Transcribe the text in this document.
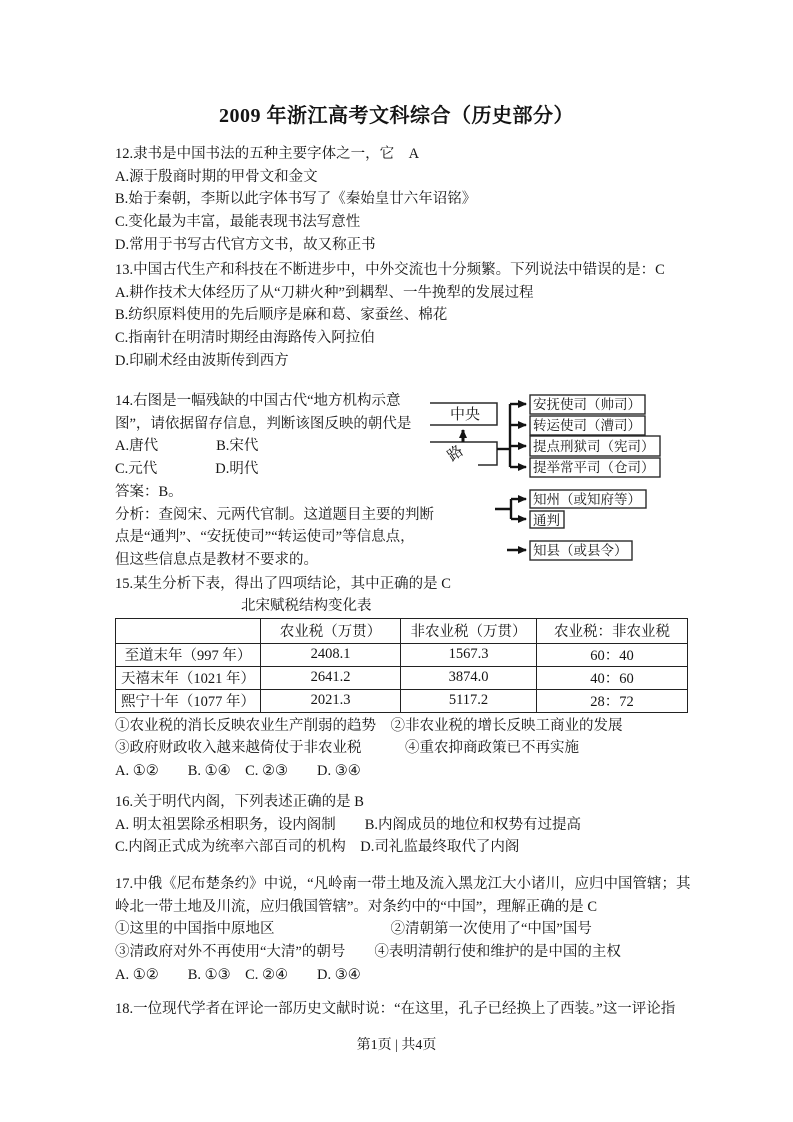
2009 年浙江高考文科综合（历史部分）
12.隶书是中国书法的五种主要字体之一，它　A
A.源于殷商时期的甲骨文和金文
B.始于秦朝，李斯以此字体书写了《秦始皇廿六年诏铭》
C.变化最为丰富，最能表现书法写意性
D.常用于书写古代官方文书，故又称正书
13.中国古代生产和科技在不断进步中，中外交流也十分频繁。下列说法中错误的是：C
A.耕作技术大体经历了从“刀耕火种”到耦犁、一牛挽犁的发展过程
B.纺织原料使用的先后顺序是麻和葛、家蚕丝、棉花
C.指南针在明清时期经由海路传入阿拉伯
D.印刷术经由波斯传到西方
14.右图是一幅残缺的中国古代“地方机构示意
图”，请依据留存信息，判断该图反映的朝代是
A.唐代　　　　B.宋代
C.元代　　　　D.明代
答案：B。
分析：查阅宋、元两代官制。这道题目主要的判断
点是“通判”、“安抚使司”“转运使司”等信息点，
但这些信息点是教材不要求的。
中央
路
安抚使司（帅司）
转运使司（漕司）
提点刑狱司（宪司）
提举常平司（仓司）
知州（或知府等）
通判
知县（或县令）
15.某生分析下表，得出了四项结论，其中正确的是 C
北宋赋税结构变化表
	农业税（万贯）	非农业税（万贯）	农业税：非农业税
至道末年（997 年）	2408.1	1567.3	60：40
天禧末年（1021 年）	2641.2	3874.0	40：60
熙宁十年（1077 年）	2021.3	5117.2	28：72
①农业税的消长反映农业生产削弱的趋势　②非农业税的增长反映工商业的发展
③政府财政收入越来越倚仗于非农业税　　　④重农抑商政策已不再实施
A. ①②　　B. ①④　C. ②③　　D. ③④
16.关于明代内阁，下列表述正确的是 B
A. 明太祖罢除丞相职务，设内阁制　　B.内阁成员的地位和权势有过提高
C.内阁正式成为统率六部百司的机构　D.司礼监最终取代了内阁
17.中俄《尼布楚条约》中说，“凡岭南一带土地及流入黑龙江大小诸川，应归中国管辖；其
岭北一带土地及川流，应归俄国管辖”。对条约中的“中国”，理解正确的是 C
①这里的中国指中原地区　　　　　　　　②清朝第一次使用了“中国”国号
③清政府对外不再使用“大清”的朝号　　④表明清朝行使和维护的是中国的主权
A. ①②　　B. ①③　C. ②④　　D. ③④
18.一位现代学者在评论一部历史文献时说：“在这里，孔子已经换上了西装。”这一评论指
第1页 | 共4页
